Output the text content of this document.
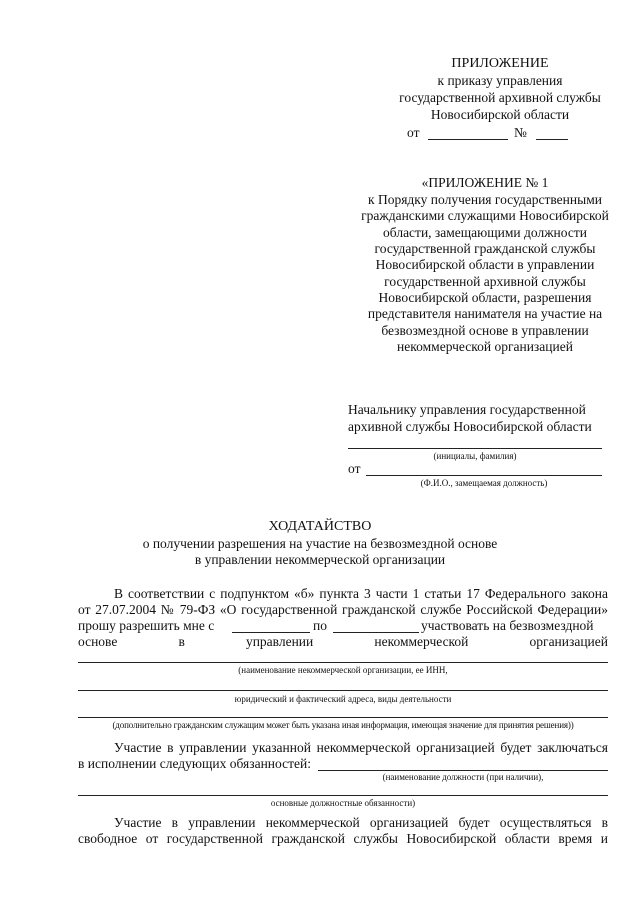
ПРИЛОЖЕНИЕ
к приказу управления
государственной архивной службы
Новосибирской области
от	№
«ПРИЛОЖЕНИЕ № 1
к Порядку получения государственными
гражданскими служащими Новосибирской
области, замещающими должности
государственной гражданской службы
Новосибирской области в управлении
государственной архивной службы
Новосибирской области, разрешения
представителя нанимателя на участие на
безвозмездной основе в управлении
некоммерческой организацией
Начальнику управления государственной
архивной службы Новосибирской области
(инициалы, фамилия)
от
(Ф.И.О., замещаемая должность)
ХОДАТАЙСТВО
о получении разрешения на участие на безвозмездной основе
в управлении некоммерческой организации
В соответствии с подпунктом «б» пункта 3 части 1 статьи 17 Федерального закона
от 27.07.2004 № 79-ФЗ «О государственной гражданской службе Российской Федерации»
прошу разрешить мне с	по	участвовать на безвозмездной
основе	в	управлении	некоммерческой	организацией
(наименование некоммерческой организации, ее ИНН,
юридический и фактический адреса, виды деятельности
(дополнительно гражданским служащим может быть указана иная информация, имеющая значение для принятия решения))
Участие в управлении указанной некоммерческой организацией будет заключаться
в исполнении следующих обязанностей:
(наименование должности (при наличии),
основные должностные обязанности)
Участие в управлении некоммерческой организацией будет осуществляться в
свободное от государственной гражданской службы Новосибирской области время и
